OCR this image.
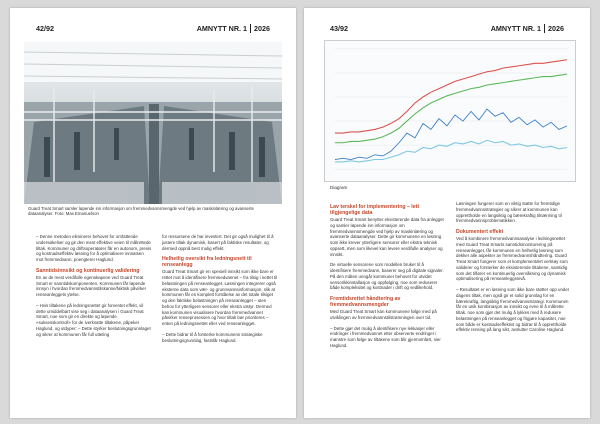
42/92	AMNYTT NR. 1 2026
Guard Treat Smart samler løpende inn informasjon om fremmedvannsmengde ved hjelp av maskinlæring og avanserte dataanalyser. Foto: Max Emanuelson

– Denne metoden eliminerer behovet for omfattende undersøkelser og gir den mest effektive veien til målrettede tiltak. Kommuner og driftsoperatører får en autonom, presis og kostnadseffektiv løsning for å optimalisere innsatsen mot fremmedvann, poengterer Haglund.

Sanntidsinnsikt og kontinuerlig validering

En av de mest verdifulle egenskapene ved Guard Treat Smart er sanntidskomponenten. Kommunen får løpende innsyn i hvordan fremmedvannstilskanne/faktisk påvirker renseanleggets ytelse.

– Hvis tiltakene på ledningsnettet gir forventet effekt, vil dette umiddelbart vise seg i dataanalysen i Guard Treat Smart, noe som gir en direkte og løpende «suksesskontroll» for de iverksatte tiltakene, påpeker Haglund, og utdyper: – Dette styrker beslutningsgrunnlaget og sikrer at kommunen får full utteling

for ressursene de har investert. Det gir også mulighet til å justere tiltak dynamisk, basert på faktiske resultater, og dermed oppnå best mulig effekt.

Helhetlig oversikt fra ledningsnett til renseanlegg

Guard Treat Smart gir en spesiell innsikt som ikke bare er rettet mot å identifisere fremmedvannet – fra tilsig i nettet til belastningen på renseanlegget. Løsningen integrerer også eksterne data som vær- og grunnvannsinformasjon, slik at kommunen får en komplett forståelse av det totale tilsiget og den faktiske belastningen på renseanlegget – uten behov for ytterligere sensorer eller ekstra utstyr. Dermed kan kommunen visualisere hvordan fremmedvannet påvirker renseprosessen og hvor tiltak bør prioriteres – enten på ledningsnettet eller ved renseanlegget.

– Dette bidrar til å forsterke kommunens strategiske beslutningsgrunnlag, fastslår Haglund.

43/92	AMNYTT NR. 1 2026
Diagram
Lav terskel for implementering – lett tilgjengelige data

Guard Treat Smart benytter eksisterende data fra anlegget og samler løpende inn informasjon om fremmedvannsmengde ved hjelp av maskinlæring og avanserte dataanalyser. Dette gir kommunene en løsning som ikke krever ytterligere sensorer eller ekstra teknisk oppsett, men som likevel kan levere verdifulle analyser og innsikt.

De virtuelle sensorene som modellen bruker til å identifisere fremmedvann, baserer seg på digitale signaler. På den måten unngår kommuner behovet for utvidet sensorikkinstallasjon og oppfølging, noe som reduserer både kompleksitet og kostnader i drift og vedlikehold.

Fremtidsrettet håndtering av fremmedvannsmengder

Med Guard Treat Smart kan kommunene følge med på utviklingen av fremmedvannstilstrømningen over tid.

– Dette gjør det mulig å identifisere nye lekkasjer eller endringer i fremmedvannet etter observerte endringer i mønstre som følge av tiltakene som blir gjennomført, sier Haglund.

Løsningen fungerer som en viktig støtte for fremtidige fremmedvannsstrategier og sikrer at kommunen kan opprettholde en langsiktig og bærekraftig tilnærming til fremmedvannsproblematikken.

Dokumentert effekt

Ved å kombinere fremmedvannsanalyse i ledningsnettet med Guard Treat Smarts sanntidsmonitorering på renseanlegget, får kommunen en helhetlig løsning som dekker alle aspekter av fremmedvannshåndtering. Guard Treat Smart fungerer som et komplementært verktøy som validerer og forsterker de eksisterende tiltakene, samtidig som det tilfører en kontinuerlig overvåkning og dynamisk optimalisering på renseanleggsnivå.

– Resultatet er en løsning som ikke bare støtter opp under dagens tiltak, men også gir et solid grunnlag for en bærekraftig, langsiktig fremmedvannsstrategi. Kommunen får en unik kombinasjon av innsikt og evne til å målrette tiltak, noe som gjør det mulig å lykkes med å redusere belastningen på renseanlegget og frigjøre kapasitet, noe som både er kostnadseffektivt og bidrar til å opprettholde effektiv rensing på lang sikt, avslutter Caroline Haglund.
